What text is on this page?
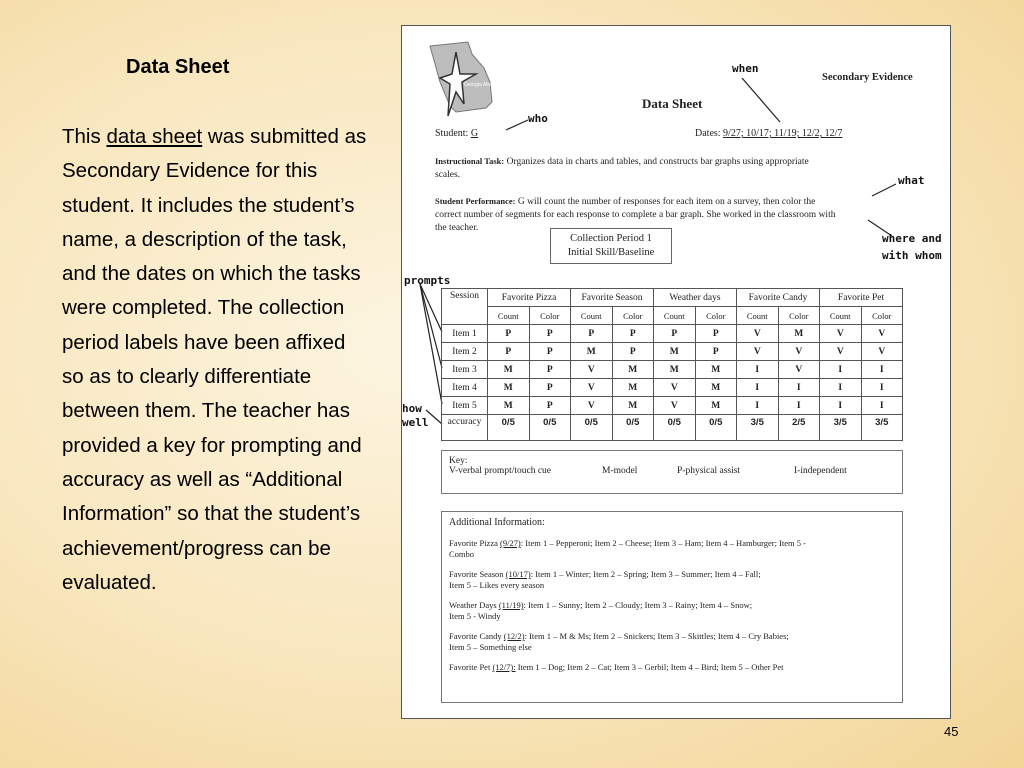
Data Sheet
This data sheet was submitted as Secondary Evidence for this student. It includes the student’s name, a description of the task, and the dates on which the tasks were completed. The collection period labels have been affixed so as to clearly differentiate between them. The teacher has provided a key for prompting and accuracy as well as “Additional Information” so that the student’s achievement/progress can be evaluated.
45
Georgia Alternate Assessment
when
who
what
where and
with whom
prompts
how
well
Data Sheet
Secondary Evidence
Student: G	Dates: 9/27; 10/17; 11/19; 12/2, 12/7
Instructional Task: Organizes data in charts and tables, and constructs bar graphs using appropriate
scales.
Student Performance: G will count the number of responses for each item on a survey, then color the
correct number of segments for each response to complete a bar graph. She worked in the classroom with
the teacher.
Collection Period 1
Initial Skill/Baseline
Session	Favorite Pizza		Favorite Season		Weather days		Favorite Candy		Favorite Pet	
	Count	Color	Count	Color	Count	Color	Count	Color	Count	Color
Item 1	P	P	P	P	P	P	V	M	V	V
Item 2	P	P	M	P	M	P	V	V	V	V
Item 3	M	P	V	M	M	M	I	V	I	I
Item 4	M	P	V	M	V	M	I	I	I	I
Item 5	M	P	V	M	V	M	I	I	I	I
accuracy	0/5	0/5	0/5	0/5	0/5	0/5	3/5	2/5	3/5	3/5
Key:
V-verbal prompt/touch cue	M-model	P-physical assist	I-independent
Additional Information:
Favorite Pizza (9/27): Item 1 – Pepperoni; Item 2 – Cheese; Item 3 – Ham; Item 4 – Hamburger; Item 5 -
Combo
Favorite Season (10/17): Item 1 – Winter; Item 2 – Spring; Item 3 – Summer; Item 4 – Fall;
Item 5 – Likes every season
Weather Days (11/19): Item 1 – Sunny; Item 2 – Cloudy; Item 3 – Rainy; Item 4 – Snow;
Item 5 - Windy
Favorite Candy (12/2): Item 1 – M & Ms; Item 2 – Snickers; Item 3 – Skittles; Item 4 – Cry Babies;
Item 5 – Something else
Favorite Pet (12/7): Item 1 – Dog; Item 2 – Cat; Item 3 – Gerbil; Item 4 – Bird; Item 5 – Other Pet
